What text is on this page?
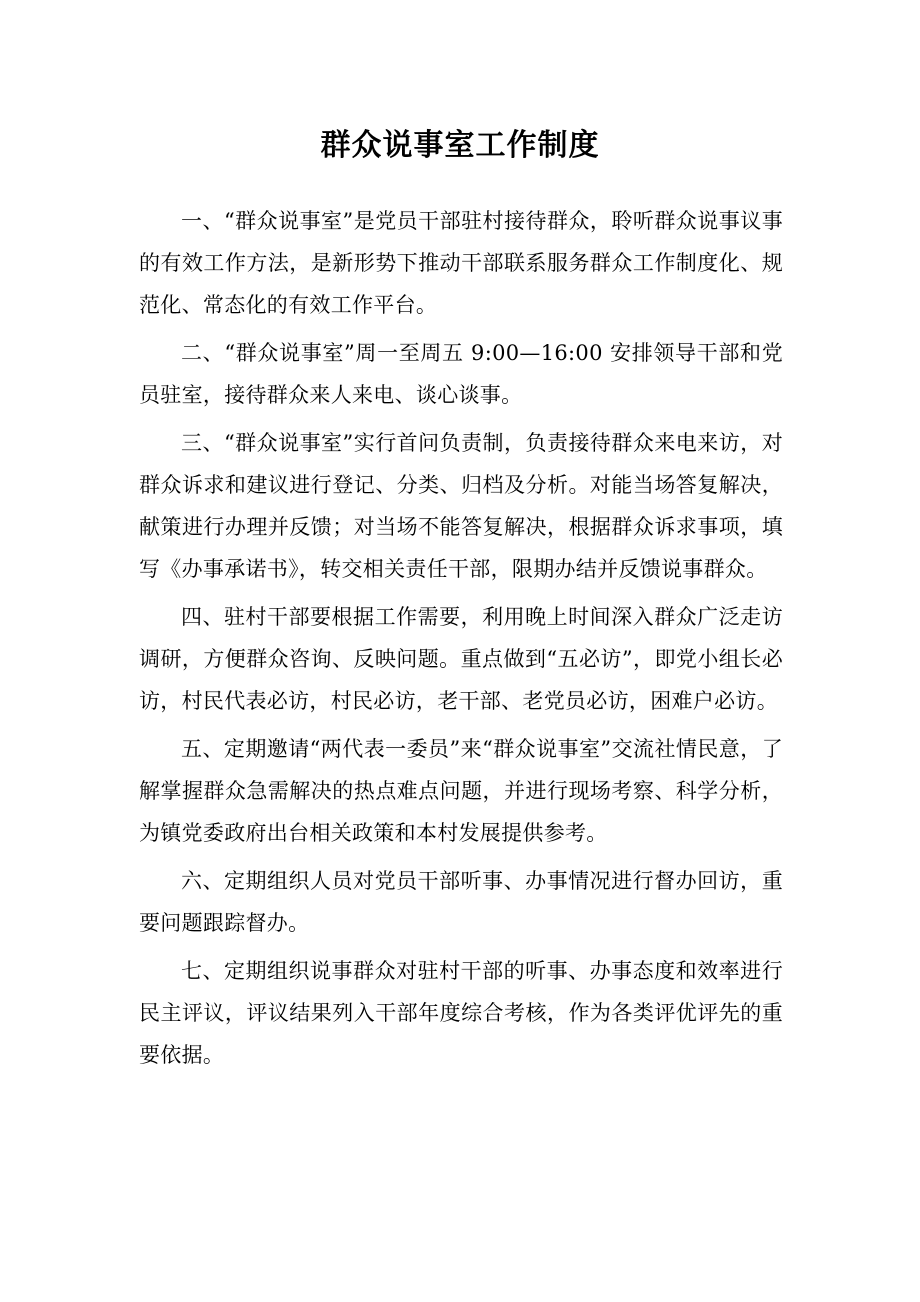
群众说事室工作制度

一、“群众说事室”是党员干部驻村接待群众，聆听群众说事议事的有效工作方法，是新形势下推动干部联系服务群众工作制度化、规范化、常态化的有效工作平台。

二、“群众说事室”周一至周五 9:00—16:00 安排领导干部和党员驻室，接待群众来人来电、谈心谈事。

三、“群众说事室”实行首问负责制，负责接待群众来电来访，对群众诉求和建议进行登记、分类、归档及分析。对能当场答复解决，献策进行办理并反馈；对当场不能答复解决，根据群众诉求事项，填写《办事承诺书》，转交相关责任干部，限期办结并反馈说事群众。

四、驻村干部要根据工作需要，利用晚上时间深入群众广泛走访调研，方便群众咨询、反映问题。重点做到“五必访”，即党小组长必访，村民代表必访，村民必访，老干部、老党员必访，困难户必访。

五、定期邀请“两代表一委员”来“群众说事室”交流社情民意，了解掌握群众急需解决的热点难点问题，并进行现场考察、科学分析，为镇党委政府出台相关政策和本村发展提供参考。

六、定期组织人员对党员干部听事、办事情况进行督办回访，重要问题跟踪督办。

七、定期组织说事群众对驻村干部的听事、办事态度和效率进行民主评议，评议结果列入干部年度综合考核，作为各类评优评先的重要依据。
